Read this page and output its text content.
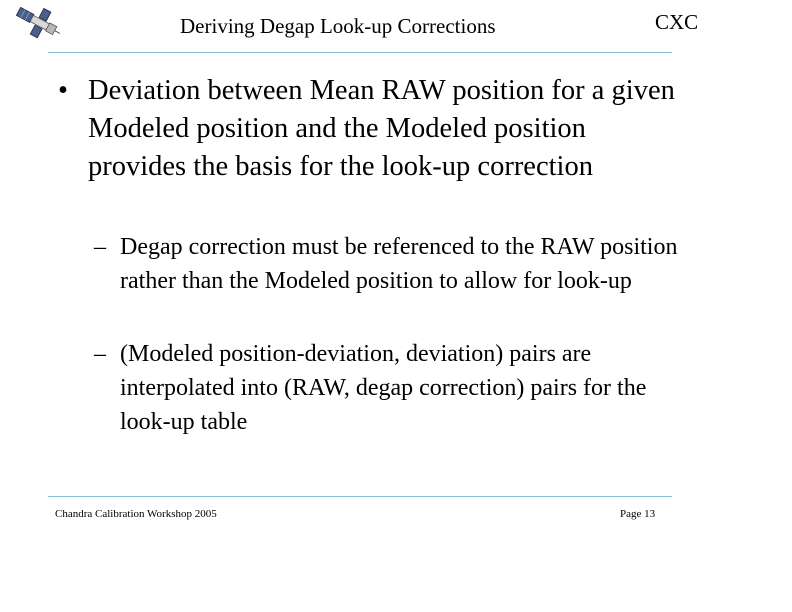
Deriving Degap Look-up Corrections	CXC
• Deviation between Mean RAW position for a given Modeled position and the Modeled position provides the basis for the look-up correction
– Degap correction must be referenced to the RAW position rather than the Modeled position to allow for look-up
– (Modeled position-deviation, deviation) pairs are interpolated into (RAW, degap correction) pairs for the look-up table
Chandra Calibration Workshop 2005	Page 13
